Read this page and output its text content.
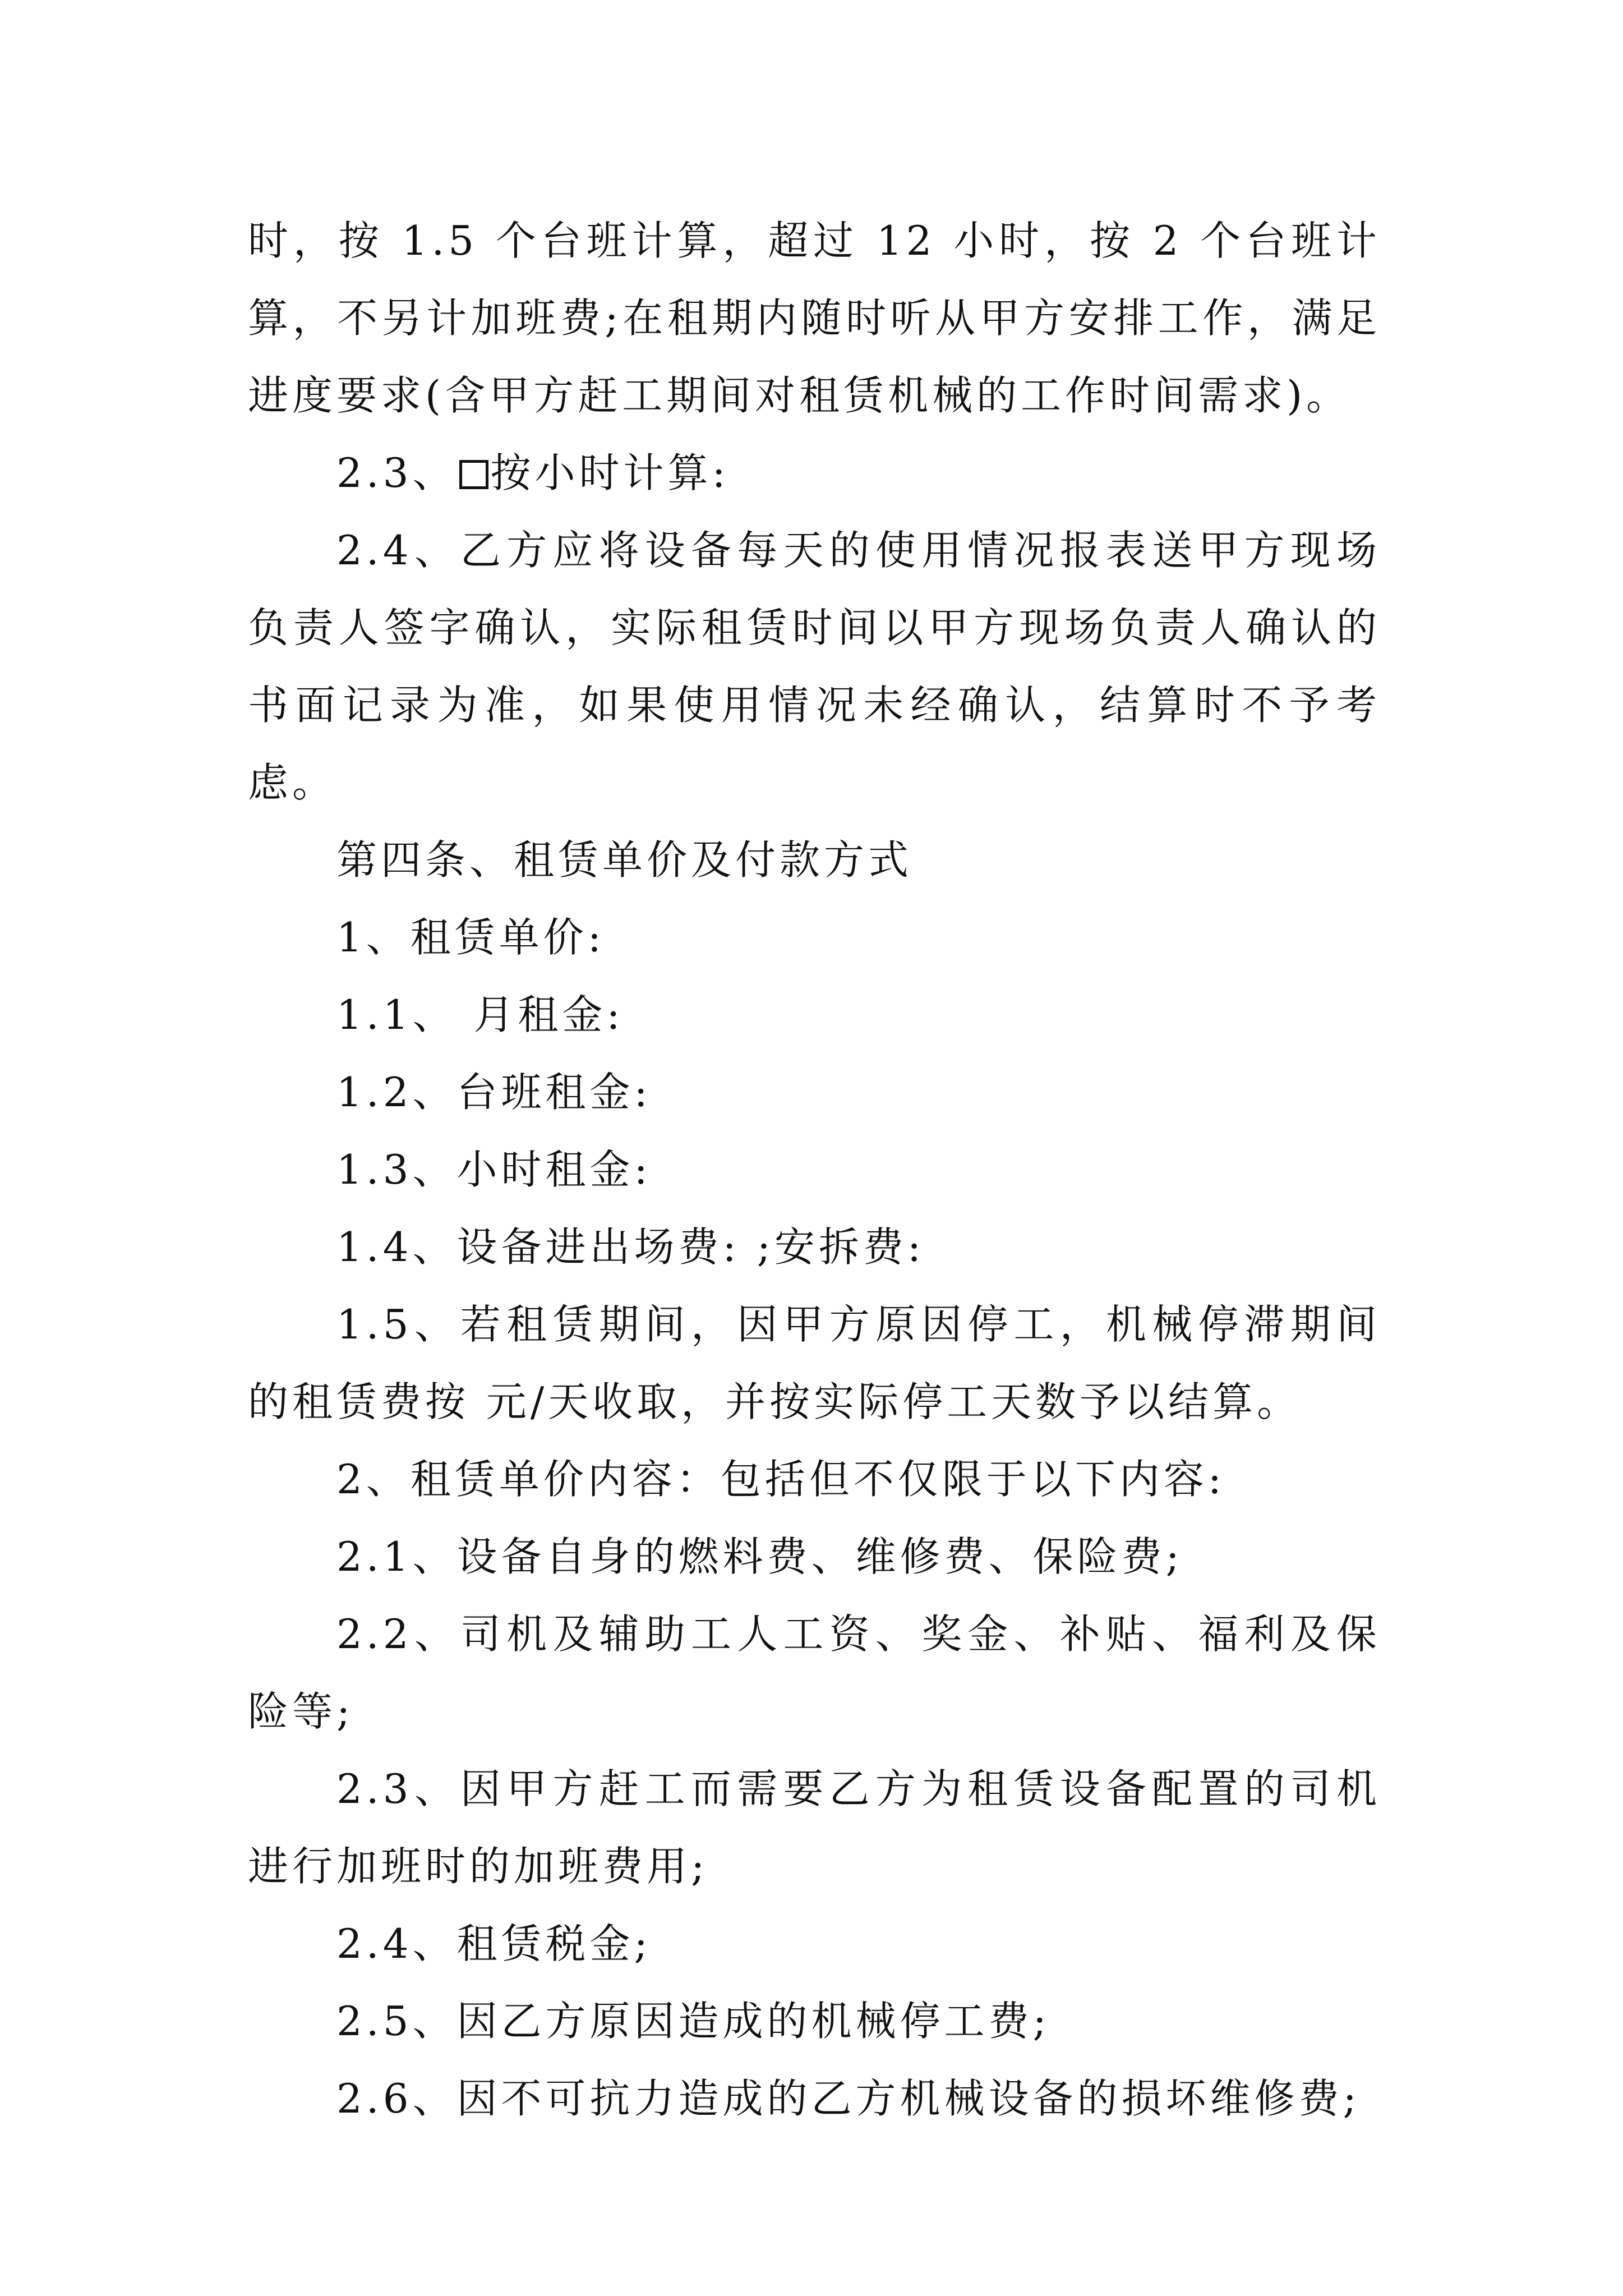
时，按 1.5 个台班计算，超过 12 小时，按 2 个台班计算，不另计加班费;在租期内随时听从甲方安排工作，满足进度要求(含甲方赶工期间对租赁机械的工作时间需求)。

2.3、 按小时计算:

2.4、乙方应将设备每天的使用情况报表送甲方现场负责人签字确认，实际租赁时间以甲方现场负责人确认的书面记录为准，如果使用情况未经确认，结算时不予考虑。

第四条、租赁单价及付款方式

1、租赁单价:

1.1、 月租金:

1.2、台班租金:

1.3、小时租金:

1.4、设备进出场费: ;安拆费:

1.5、若租赁期间，因甲方原因停工，机械停滞期间的租赁费按 元/天收取，并按实际停工天数予以结算。

2、租赁单价内容：包括但不仅限于以下内容:

2.1、设备自身的燃料费、维修费、保险费;

2.2、司机及辅助工人工资、奖金、补贴、福利及保险等;

2.3、因甲方赶工而需要乙方为租赁设备配置的司机进行加班时的加班费用;

2.4、租赁税金;

2.5、因乙方原因造成的机械停工费;

2.6、因不可抗力造成的乙方机械设备的损坏维修费;
